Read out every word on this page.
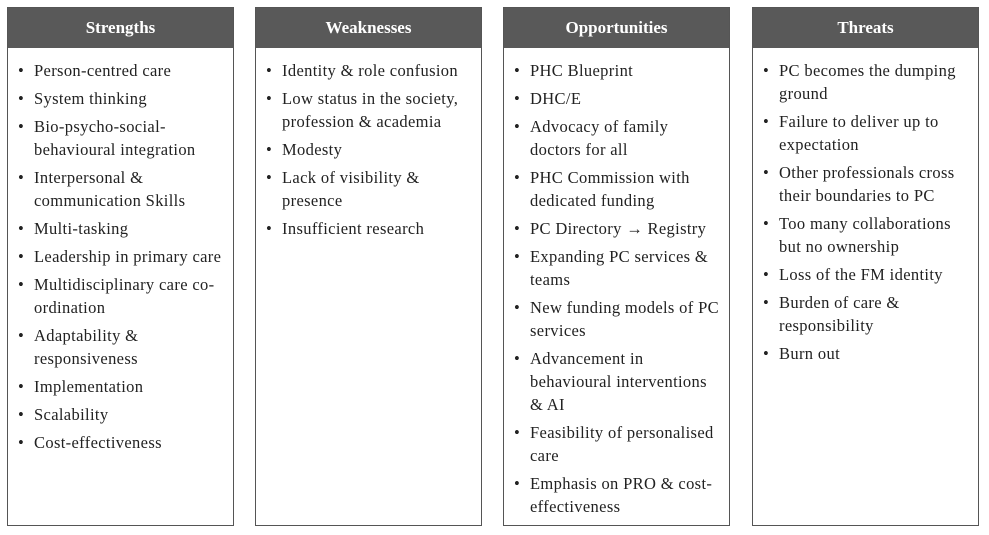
Strengths
• Person-centred care
• System thinking
• Bio-psycho-social-behavioural integration
• Interpersonal & communication Skills
• Multi-tasking
• Leadership in primary care
• Multidisciplinary care co-ordination
• Adaptability & responsiveness
• Implementation
• Scalability
• Cost-effectiveness
Weaknesses
• Identity & role confusion
• Low status in the society, profession & academia
• Modesty
• Lack of visibility & presence
• Insufficient research
Opportunities
• PHC Blueprint
• DHC/E
• Advocacy of family doctors for all
• PHC Commission with dedicated funding
• PC Directory → Registry
• Expanding PC services & teams
• New funding models of PC services
• Advancement in behavioural interventions & AI
• Feasibility of personalised care
• Emphasis on PRO & cost-effectiveness
Threats
• PC becomes the dumping ground
• Failure to deliver up to expectation
• Other professionals cross their boundaries to PC
• Too many collaborations but no ownership
• Loss of the FM identity
• Burden of care & responsibility
• Burn out
